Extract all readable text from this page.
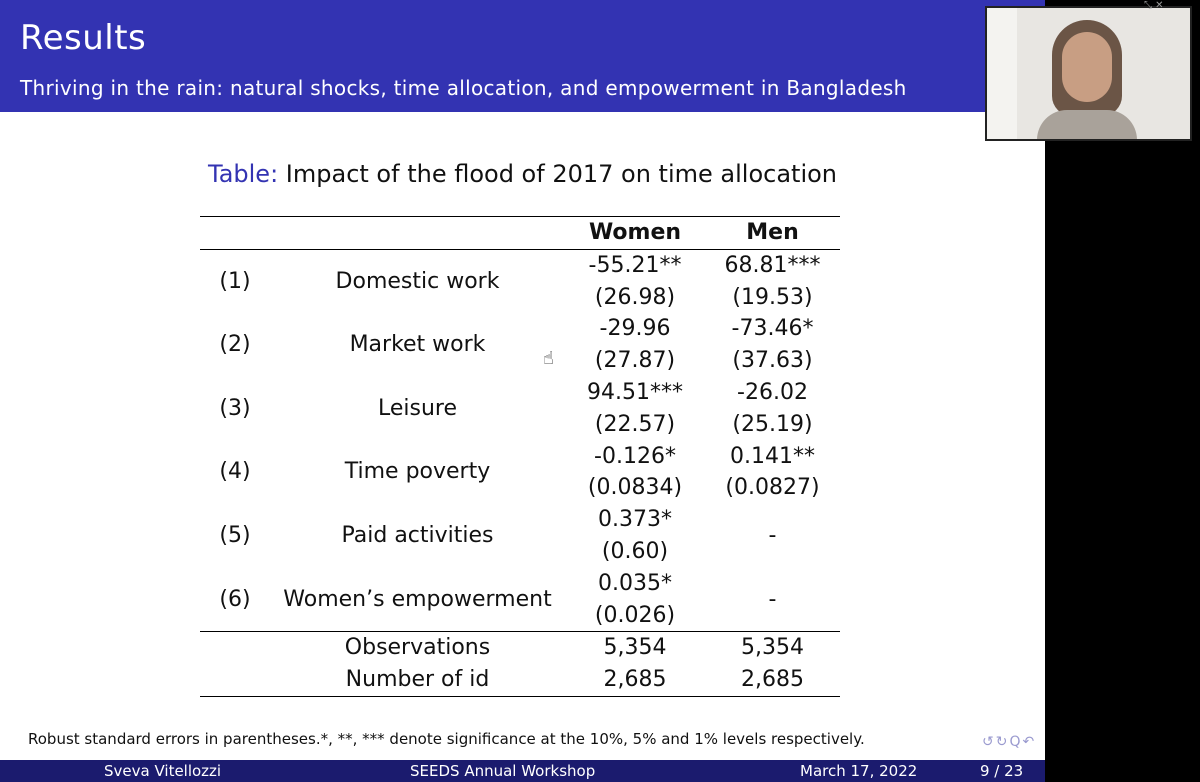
Results
Thriving in the rain: natural shocks, time allocation, and empowerment in Bangladesh
Table: Impact of the flood of 2017 on time allocation
		Women	Men
(1)	Domestic work	-55.21**	68.81***
		(26.98)	(19.53)
(2)	Market work	-29.96	-73.46*
		(27.87)	(37.63)
(3)	Leisure	94.51***	-26.02
		(22.57)	(25.19)
(4)	Time poverty	-0.126*	0.141**
		(0.0834)	(0.0827)
(5)	Paid activities	0.373*	-
		(0.60)	
(6)	Women’s empowerment	0.035*	-
		(0.026)	
	Observations	5,354	5,354
	Number of id	2,685	2,685
☝
Robust standard errors in parentheses.*, **, *** denote significance at the 10%, 5% and 1% levels respectively.	↺↻Q↶
Sveva Vitellozzi	SEEDS Annual Workshop	March 17, 2022	9 / 23
⤡ ✕
